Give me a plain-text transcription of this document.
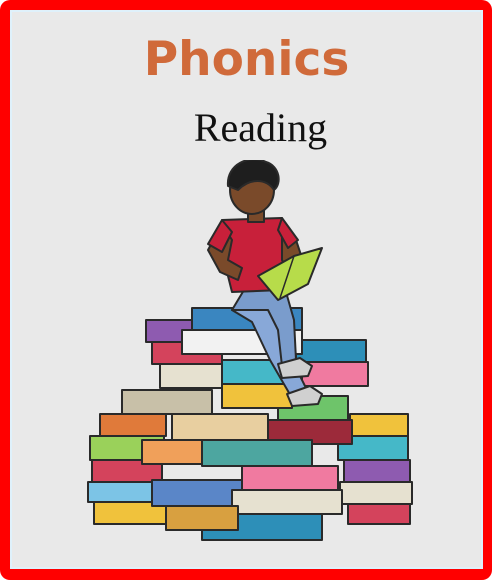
Phonics
Reading
